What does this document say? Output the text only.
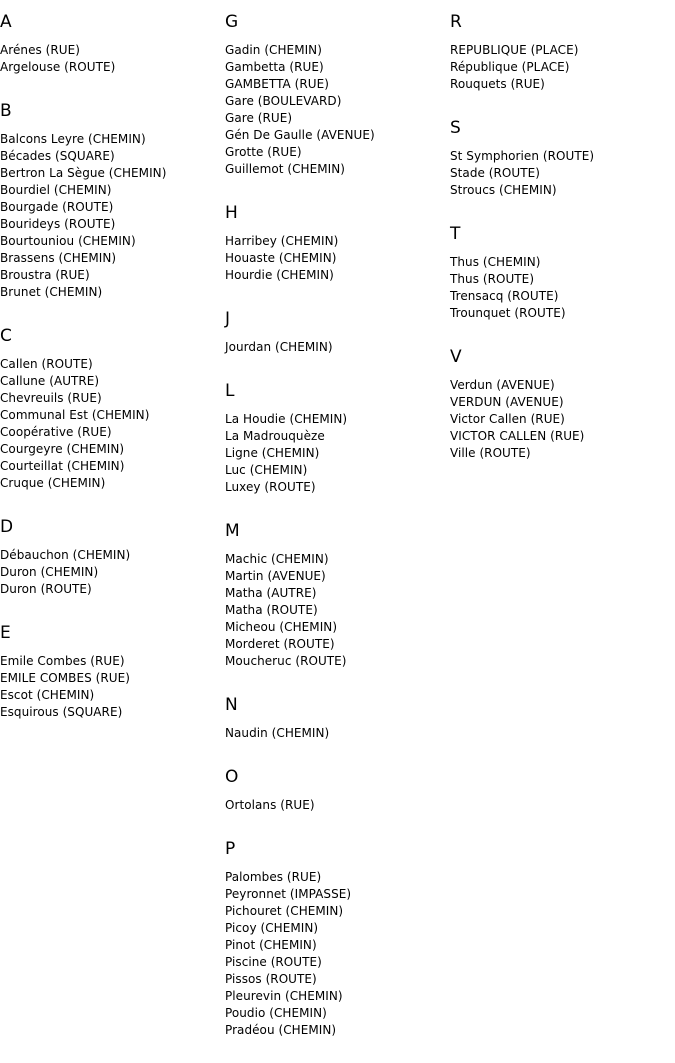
A
Arénes (RUE)
Argelouse (ROUTE)
B
Balcons Leyre (CHEMIN)
Bécades (SQUARE)
Bertron La Sègue (CHEMIN)
Bourdiel (CHEMIN)
Bourgade (ROUTE)
Bourideys (ROUTE)
Bourtouniou (CHEMIN)
Brassens (CHEMIN)
Broustra (RUE)
Brunet (CHEMIN)
C
Callen (ROUTE)
Callune (AUTRE)
Chevreuils (RUE)
Communal Est (CHEMIN)
Coopérative (RUE)
Courgeyre (CHEMIN)
Courteillat (CHEMIN)
Cruque (CHEMIN)
D
Débauchon (CHEMIN)
Duron (CHEMIN)
Duron (ROUTE)
E
Emile Combes (RUE)
EMILE COMBES (RUE)
Escot (CHEMIN)
Esquirous (SQUARE)
G
Gadin (CHEMIN)
Gambetta (RUE)
GAMBETTA (RUE)
Gare (BOULEVARD)
Gare (RUE)
Gén De Gaulle (AVENUE)
Grotte (RUE)
Guillemot (CHEMIN)
H
Harribey (CHEMIN)
Houaste (CHEMIN)
Hourdie (CHEMIN)
J
Jourdan (CHEMIN)
L
La Houdie (CHEMIN)
La Madrouquèze
Ligne (CHEMIN)
Luc (CHEMIN)
Luxey (ROUTE)
M
Machic (CHEMIN)
Martin (AVENUE)
Matha (AUTRE)
Matha (ROUTE)
Micheou (CHEMIN)
Morderet (ROUTE)
Moucheruc (ROUTE)
N
Naudin (CHEMIN)
O
Ortolans (RUE)
P
Palombes (RUE)
Peyronnet (IMPASSE)
Pichouret (CHEMIN)
Picoy (CHEMIN)
Pinot (CHEMIN)
Piscine (ROUTE)
Pissos (ROUTE)
Pleurevin (CHEMIN)
Poudio (CHEMIN)
Pradéou (CHEMIN)
R
REPUBLIQUE (PLACE)
République (PLACE)
Rouquets (RUE)
S
St Symphorien (ROUTE)
Stade (ROUTE)
Stroucs (CHEMIN)
T
Thus (CHEMIN)
Thus (ROUTE)
Trensacq (ROUTE)
Trounquet (ROUTE)
V
Verdun (AVENUE)
VERDUN (AVENUE)
Victor Callen (RUE)
VICTOR CALLEN (RUE)
Ville (ROUTE)
